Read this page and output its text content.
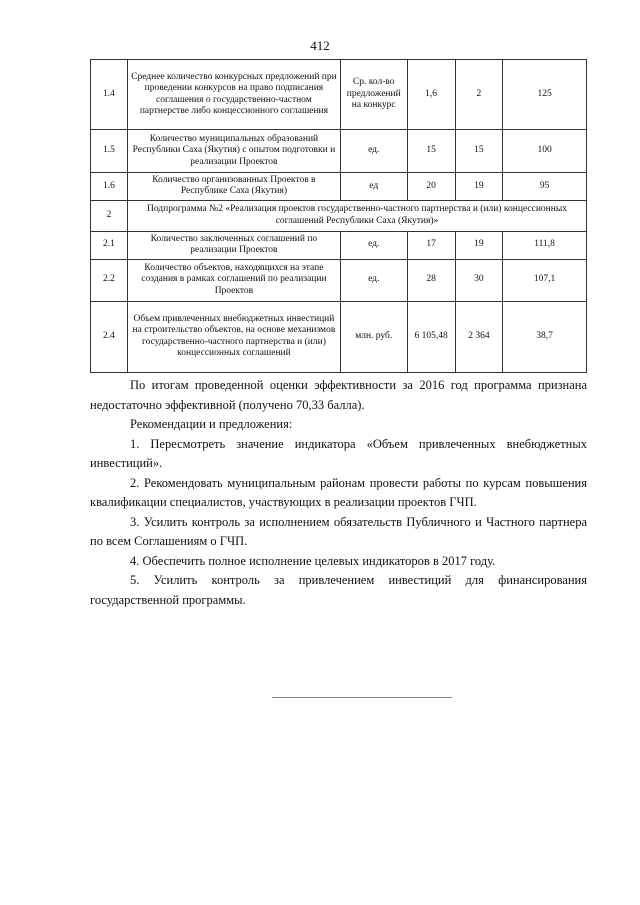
412
1.4	Среднее количество конкурсных предложений при проведении конкурсов на право подписания соглашения о государственно-частном партнерстве либо концессионного соглашения	Ср. кол-во предложений на конкурс	1,6	2	125
1.5	Количество муниципальных образований Республики Саха (Якутия) с опытом подготовки и реализации Проектов	ед.	15	15	100
1.6	Количество организованных Проектов в Республике Саха (Якутия)	ед	20	19	95
2	Подпрограмма №2 «Реализация проектов государственно-частного партнерства и (или) концессионных соглашений Республики Саха (Якутия)»				
2.1	Количество заключенных соглашений по реализации Проектов	ед.	17	19	111,8
2.2	Количество объектов, находящихся на этапе создания в рамках соглашений по реализации Проектов	ед.	28	30	107,1
2.4	Объем привлеченных внебюджетных инвестиций на строительство объектов, на основе механизмов государственно-частного партнерства и (или) концессионных соглашений	млн. руб.	6 105,48	2 364	38,7

По итогам проведенной оценки эффективности за 2016 год программа признана недостаточно эффективной (получено 70,33 балла).

Рекомендации и предложения:

1. Пересмотреть значение индикатора «Объем привлеченных внебюджетных инвестиций».

2. Рекомендовать муниципальным районам провести работы по курсам повышения квалификации специалистов, участвующих в реализации проектов ГЧП.

3. Усилить контроль за исполнением обязательств Публичного и Частного партнера по всем Соглашениям о ГЧП.

4. Обеспечить полное исполнение целевых индикаторов в 2017 году.

5. Усилить контроль за привлечением инвестиций для финансирования государственной программы.
